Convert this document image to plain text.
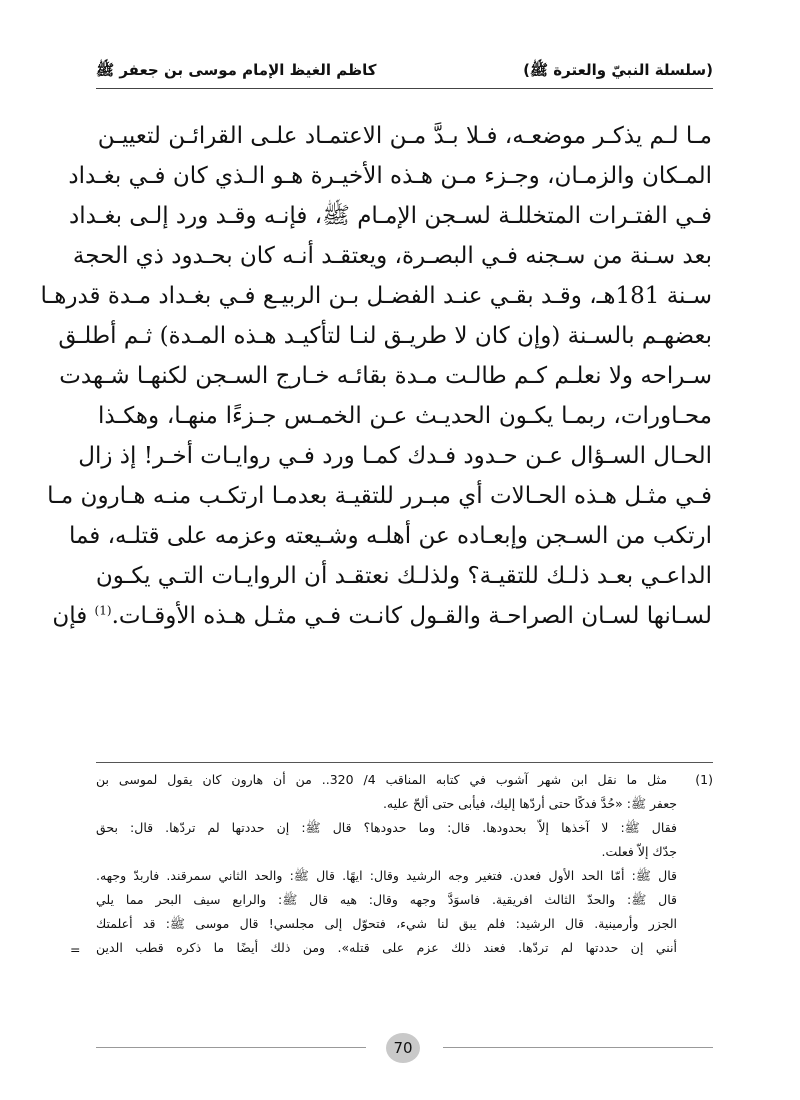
(سلسلة النبيّ والعترة ﷺ)
كاظم الغيظ الإمام موسى بن جعفر ﷺ
مـا لـم يذكـر موضعـه، فـلا بـدَّ مـن الاعتمـاد علـى القرائـن لتعييـن
المـكان والزمـان، وجـزء مـن هـذه الأخيـرة هـو الـذي كان فـي بغـداد
فـي الفتـرات المتخللـة لسـجن الإمـام ﷺ، فإنـه وقـد ورد إلـى بغـداد
بعد سـنة من سـجنه فـي البصـرة، ويعتقـد أنـه كان بحـدود ذي الحجة
سـنة 181هـ، وقـد بقـي عنـد الفضـل بـن الربيـع فـي بغـداد مـدة قدرهـا
بعضهـم بالسـنة (وإن كان لا طريـق لنـا لتأكيـد هـذه المـدة) ثـم أطلـق
سـراحه ولا نعلـم كـم طالـت مـدة بقائـه خـارج السـجن لكنهـا شـهدت
محـاورات، ربمـا يكـون الحديـث عـن الخمـس جـزءًا منهـا، وهكـذا
الحـال السـؤال عـن حـدود فـدك كمـا ورد فـي روايـات أخـر! إذ زال
فـي مثـل هـذه الحـالات أي مبـرر للتقيـة بعدمـا ارتكـب منـه هـارون مـا
ارتكب من السـجن وإبعـاده عن أهلـه وشـيعته وعزمه على قتلـه، فما
الداعـي بعـد ذلـك للتقيـة؟ ولذلـك نعتقـد أن الروايـات التـي يكـون
لسـانها لسـان الصراحـة والقـول كانـت فـي مثـل هـذه الأوقـات.$^{(1)}$ فإن
(1) مثل ما نقل ابن شهر آشوب في كتابه المناقب 4/ 320.. من أن هارون كان يقول لموسى بن
جعفر ﷺ: «حُدَّ فدكًا حتى أردّها إليك، فيأبى حتى ألحّ عليه.
فقال ﷺ: لا آخذها إلاّ بحدودها. قال: وما حدودها؟ قال ﷺ: إن حددتها لم تردّها. قال: بحق
جدّك إلاّ فعلت.
قال ﷺ: أمّا الحد الأول فعدن. فتغير وجه الرشيد وقال: ايهًا. قال ﷺ: والحد الثاني سمرقند. فاربدّ وجهه.
قال ﷺ: والحدّ الثالث افريقية. فاسوَدَّ وجهه وقال: هيه قال ﷺ: والرابع سيف البحر مما يلي
الجزر وأرمينية. قال الرشيد: فلم يبق لنا شيء، فتحوّل إلى مجلسي! قال موسى ﷺ: قد أعلمتك
أنني إن حددتها لم تردّها. فعند ذلك عزم على قتله». ومن ذلك أيضًا ما ذكره قطب الدين
=
70
